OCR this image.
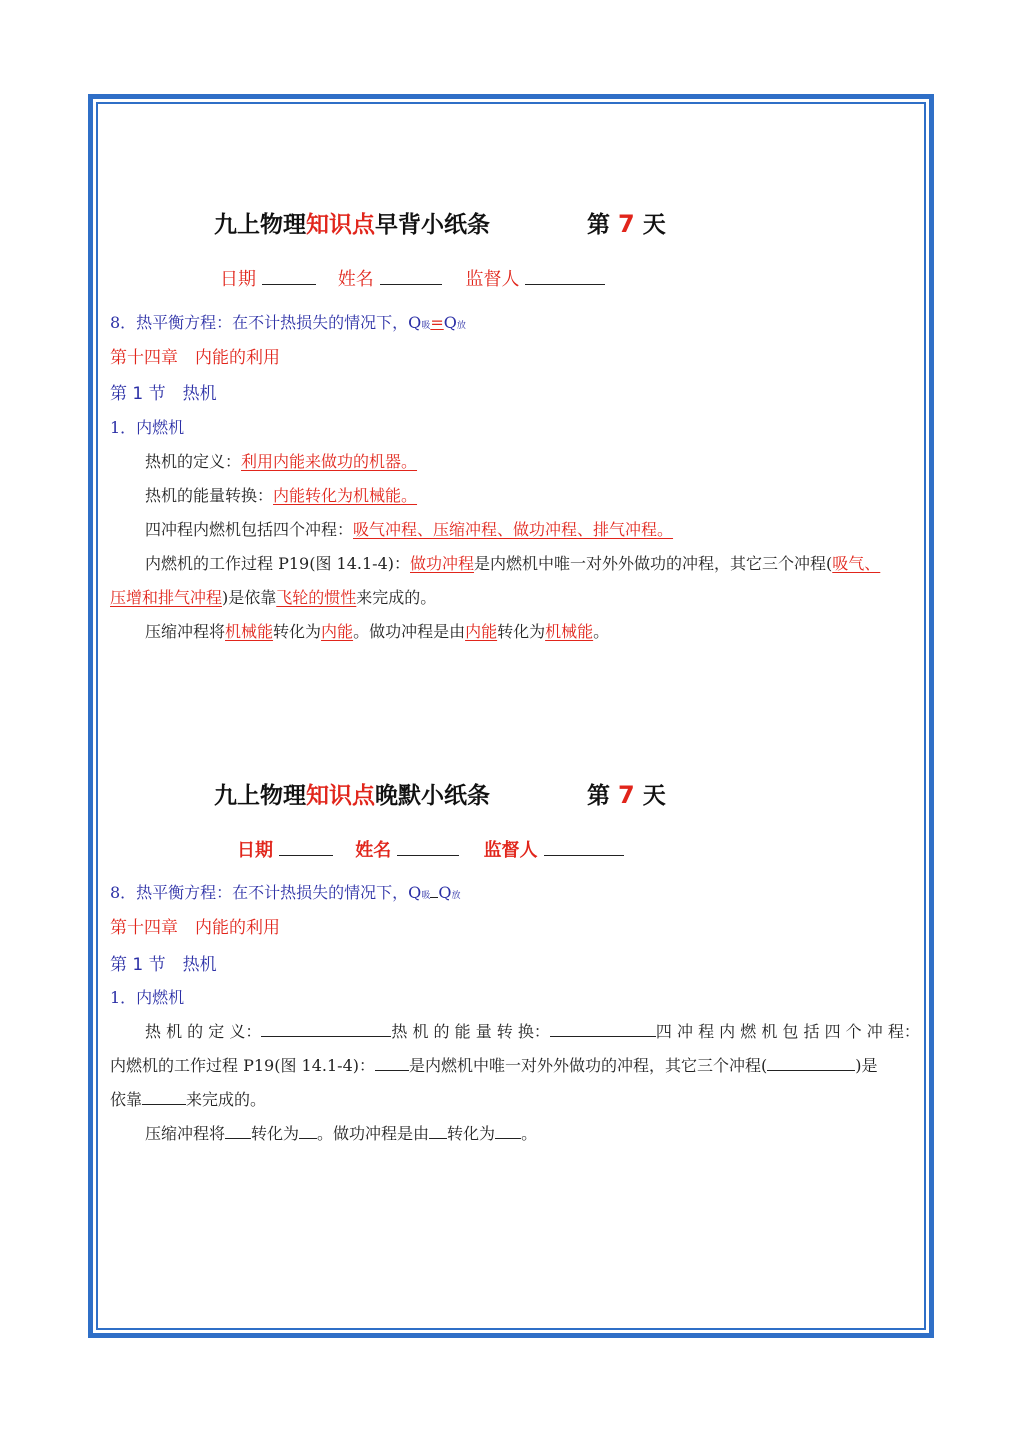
九上物理知识点早背小纸条	第 7 天
日期	姓名	监督人
8．热平衡方程：在不计热损失的情况下，Q吸=Q放
第十四章　内能的利用
第 1 节　热机
1．内燃机
热机的定义：利用内能来做功的机器。
热机的能量转换：内能转化为机械能。
四冲程内燃机包括四个冲程：吸气冲程、压缩冲程、做功冲程、排气冲程。
内燃机的工作过程 P19(图 14.1-4)：做功冲程是内燃机中唯一对外外做功的冲程，其它三个冲程(吸气、
压增和排气冲程)是依靠飞轮的惯性来完成的。
压缩冲程将机械能转化为内能。做功冲程是由内能转化为机械能。
九上物理知识点晚默小纸条	第 7 天
日期	姓名	监督人
8．热平衡方程：在不计热损失的情况下，Q吸 Q放
第十四章　内能的利用
第 1 节　热机
1．内燃机
热 机 的 定 义：	热 机 的 能 量 转 换：	四 冲 程 内 燃 机 包 括 四 个 冲 程：
内燃机的工作过程 P19(图 14.1-4)： 是内燃机中唯一对外外做功的冲程，其它三个冲程(	)是
依靠	来完成的。
压缩冲程将 转化为 。做功冲程是由 转化为 。
